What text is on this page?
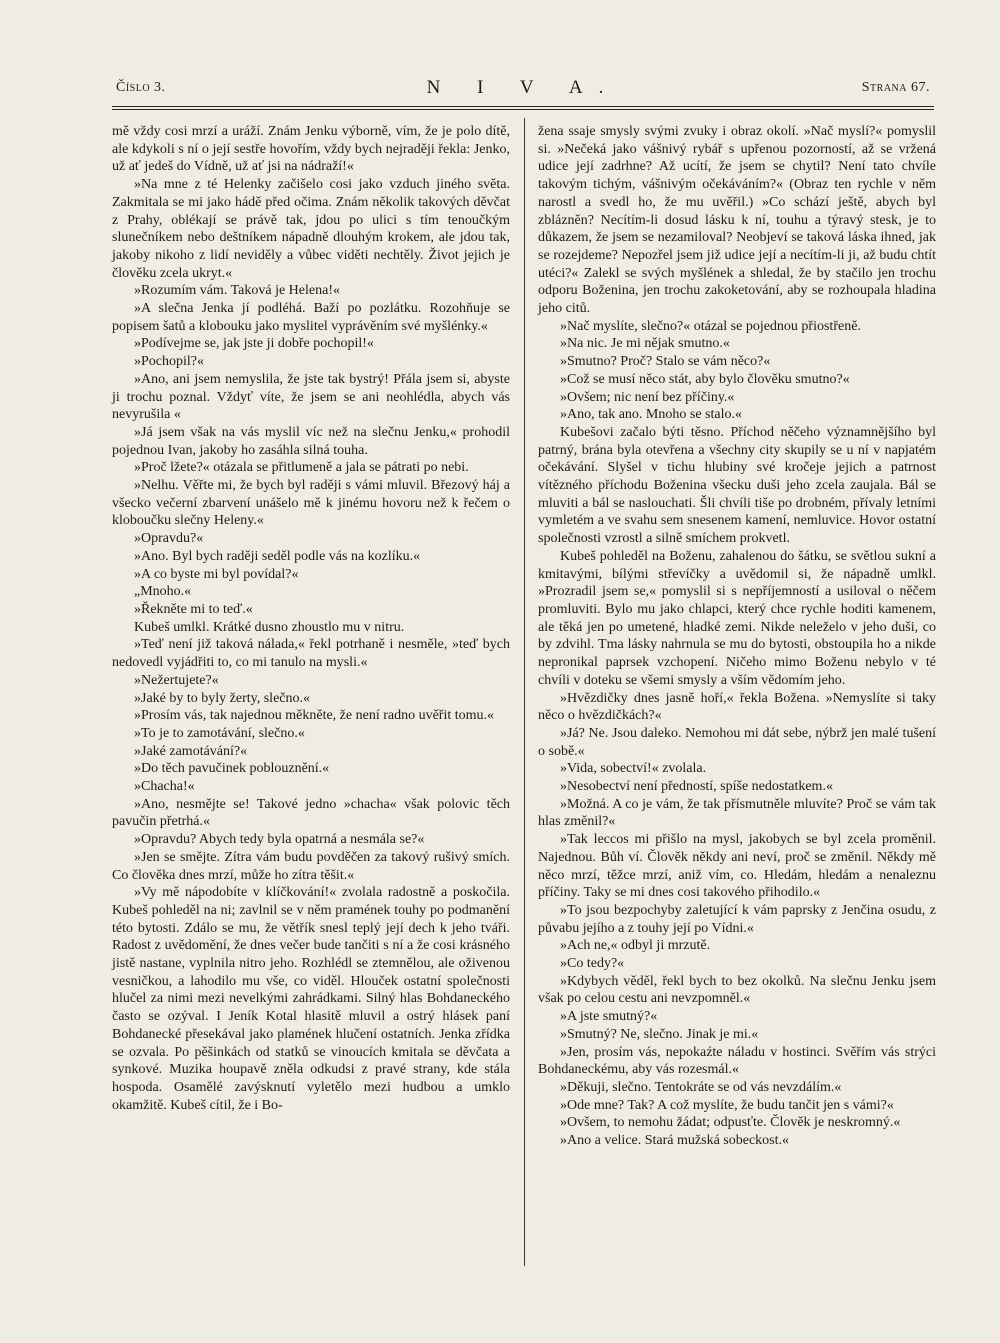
Číslo 3.	N I V A.	Strana 67.

mě vždy cosi mrzí a uráží. Znám Jenku výborně, vím, že je polo dítě, ale kdykoli s ní o její sestře hovořím, vždy bych nejraději řekla: Jenko, už ať jedeš do Vídně, už ať jsi na nádraží!«

»Na mne z té Helenky začišelo cosi jako vzduch jiného světa. Zakmitala se mi jako hádě před očima. Znám několik takových děvčat z Prahy, oblékají se právě tak, jdou po ulici s tím tenoučkým slunečníkem nebo deštníkem nápadně dlouhým krokem, ale jdou tak, jakoby nikoho z lidí neviděly a vůbec viděti nechtěly. Život jejich je člověku zcela ukryt.«

»Rozumím vám. Taková je Helena!«

»A slečna Jenka jí podléhá. Baží po pozlátku. Rozohňuje se popisem šatů a klobouku jako myslitel vyprávěním své myšlénky.«

»Podívejme se, jak jste ji dobře pochopil!«

»Pochopil?«

»Ano, ani jsem nemyslila, že jste tak bystrý! Přála jsem si, abyste ji trochu poznal. Vždyť víte, že jsem se ani neohlédla, abych vás nevyrušila «

»Já jsem však na vás myslil víc než na slečnu Jenku,« prohodil pojednou Ivan, jakoby ho zasáhla silná touha.

»Proč lžete?« otázala se přitlumeně a jala se pátrati po nebi.

»Nelhu. Věřte mi, že bych byl raději s vámi mluvil. Březový háj a všecko večerní zbarvení unášelo mě k jinému hovoru než k řečem o kloboučku slečny Heleny.«

»Opravdu?«

»Ano. Byl bych raději seděl podle vás na kozlíku.«

»A co byste mi byl povídal?«

„Mnoho.«

»Řekněte mi to teď.«

Kubeš umlkl. Krátké dusno zhoustlo mu v nitru.

»Teď není již taková nálada,« řekl potrhaně i nesměle, »teď bych nedovedl vyjádřiti to, co mi tanulo na mysli.«

»Nežertujete?«

»Jaké by to byly žerty, slečno.«

»Prosím vás, tak najednou měkněte, že není radno uvěřit tomu.«

»To je to zamotávání, slečno.«

»Jaké zamotávání?«

»Do těch pavučinek poblouznění.«

»Chacha!«

»Ano, nesmějte se! Takové jedno »chacha« však polovic těch pavučin přetrhá.«

»Opravdu? Abych tedy byla opatrná a nesmála se?«

»Jen se smějte. Zítra vám budu povděčen za takový rušivý smích. Co člověka dnes mrzí, může ho zítra těšit.«

»Vy mě nápodobíte v klíčkování!« zvolala radostně a poskočila. Kubeš pohleděl na ni; zavlnil se v něm pramének touhy po podmanění této bytosti. Zdálo se mu, že větřík snesl teplý její dech k jeho tváři. Radost z uvědomění, že dnes večer bude tančiti s ní a že cosi krásného jistě nastane, vyplnila nitro jeho. Rozhlédl se ztemnělou, ale oživenou vesničkou, a lahodilo mu vše, co viděl. Hlouček ostatní společnosti hlučel za nimi mezi nevelkými zahrádkami. Silný hlas Bohdaneckého často se ozýval. I Jeník Kotal hlasitě mluvil a ostrý hlásek paní Bohdanecké přesekával jako plamének hlučení ostatních. Jenka zřídka se ozvala. Po pěšinkách od statků se vinoucích kmitala se děvčata a synkové. Muzika houpavě zněla odkudsi z pravé strany, kde stála hospoda. Osamělé zavýsknutí vyletělo mezi hudbou a umklo okamžitě. Kubeš cítil, že i Bo-

žena ssaje smysly svými zvuky i obraz okolí. »Nač myslí?« pomyslil si. »Nečeká jako vášnivý rybář s upřenou pozorností, až se vržená udice její zadrhne? Až ucítí, že jsem se chytil? Není tato chvíle takovým tichým, vášnivým očekáváním?« (Obraz ten rychle v něm narostl a svedl ho, že mu uvěřil.) »Co schází ještě, abych byl zblázněn? Necítím-li dosud lásku k ní, touhu a týravý stesk, je to důkazem, že jsem se nezamiloval? Neobjeví se taková láska ihned, jak se rozejdeme? Nepozřel jsem již udice její a necítím-li ji, až budu chtít utéci?« Zalekl se svých myšlének a shledal, že by stačilo jen trochu odporu Boženina, jen trochu zakoketování, aby se rozhoupala hladina jeho citů.

»Nač myslíte, slečno?« otázal se pojednou přiostřeně.

»Na nic. Je mi nějak smutno.«

»Smutno? Proč? Stalo se vám něco?«

»Což se musí něco stát, aby bylo člověku smutno?«

»Ovšem; nic není bez příčiny.«

»Ano, tak ano. Mnoho se stalo.«

Kubešovi začalo býti těsno. Příchod něčeho významnějšího byl patrný, brána byla otevřena a všechny city skupily se u ní v napjatém očekávání. Slyšel v tichu hlubiny své kročeje jejich a patrnost vítězného příchodu Boženina všecku duši jeho zcela zaujala. Bál se mluviti a bál se naslouchati. Šli chvíli tiše po drobném, přívaly letními vymletém a ve svahu sem snesenem kamení, nemluvice. Hovor ostatní společnosti vzrostl a silně smíchem prokvetl.

Kubeš pohleděl na Boženu, zahalenou do šátku, se světlou sukní a kmitavými, bílými střevíčky a uvědomil si, že nápadně umlkl. »Prozradil jsem se,« pomyslil si s nepříjemností a usiloval o něčem promluviti. Bylo mu jako chlapci, který chce rychle hoditi kamenem, ale těká jen po umetené, hladké zemi. Nikde neleželo v jeho duši, co by zdvihl. Tma lásky nahrnula se mu do bytosti, obstoupila ho a nikde nepronikal paprsek vzchopení. Ničeho mimo Boženu nebylo v té chvíli v doteku se všemi smysly a vším vědomím jeho.

»Hvězdičky dnes jasně hoří,« řekla Božena. »Nemyslíte si taky něco o hvězdičkách?«

»Já? Ne. Jsou daleko. Nemohou mi dát sebe, nýbrž jen malé tušení o sobě.«

»Vida, sobectví!« zvolala.

»Nesobectví není předností, spíše nedostatkem.«

»Možná. A co je vám, že tak přísmutněle mluvíte? Proč se vám tak hlas změnil?«

»Tak leccos mi přišlo na mysl, jakobych se byl zcela proměnil. Najednou. Bůh ví. Člověk někdy ani neví, proč se změnil. Někdy mě něco mrzí, těžce mrzí, aniž vím, co. Hledám, hledám a nenaleznu příčiny. Taky se mi dnes cosi takového přihodilo.«

»To jsou bezpochyby zaletující k vám paprsky z Jenčina osudu, z půvabu jejího a z touhy její po Vídni.«

»Ach ne,« odbyl ji mrzutě.

»Co tedy?«

»Kdybych věděl, řekl bych to bez okolků. Na slečnu Jenku jsem však po celou cestu ani nevzpomněl.«

»A jste smutný?«

»Smutný? Ne, slečno. Jinak je mi.«

»Jen, prosím vás, nepokaźte náladu v hostinci. Svěřím vás strýci Bohdaneckému, aby vás rozesmál.«

»Děkuji, slečno. Tentokráte se od vás nevzdálím.«

»Ode mne? Tak? A což myslíte, že budu tančit jen s vámi?«

»Ovšem, to nemohu žádat; odpusťte. Člověk je neskromný.«

»Ano a velice. Stará mužská sobeckost.«
